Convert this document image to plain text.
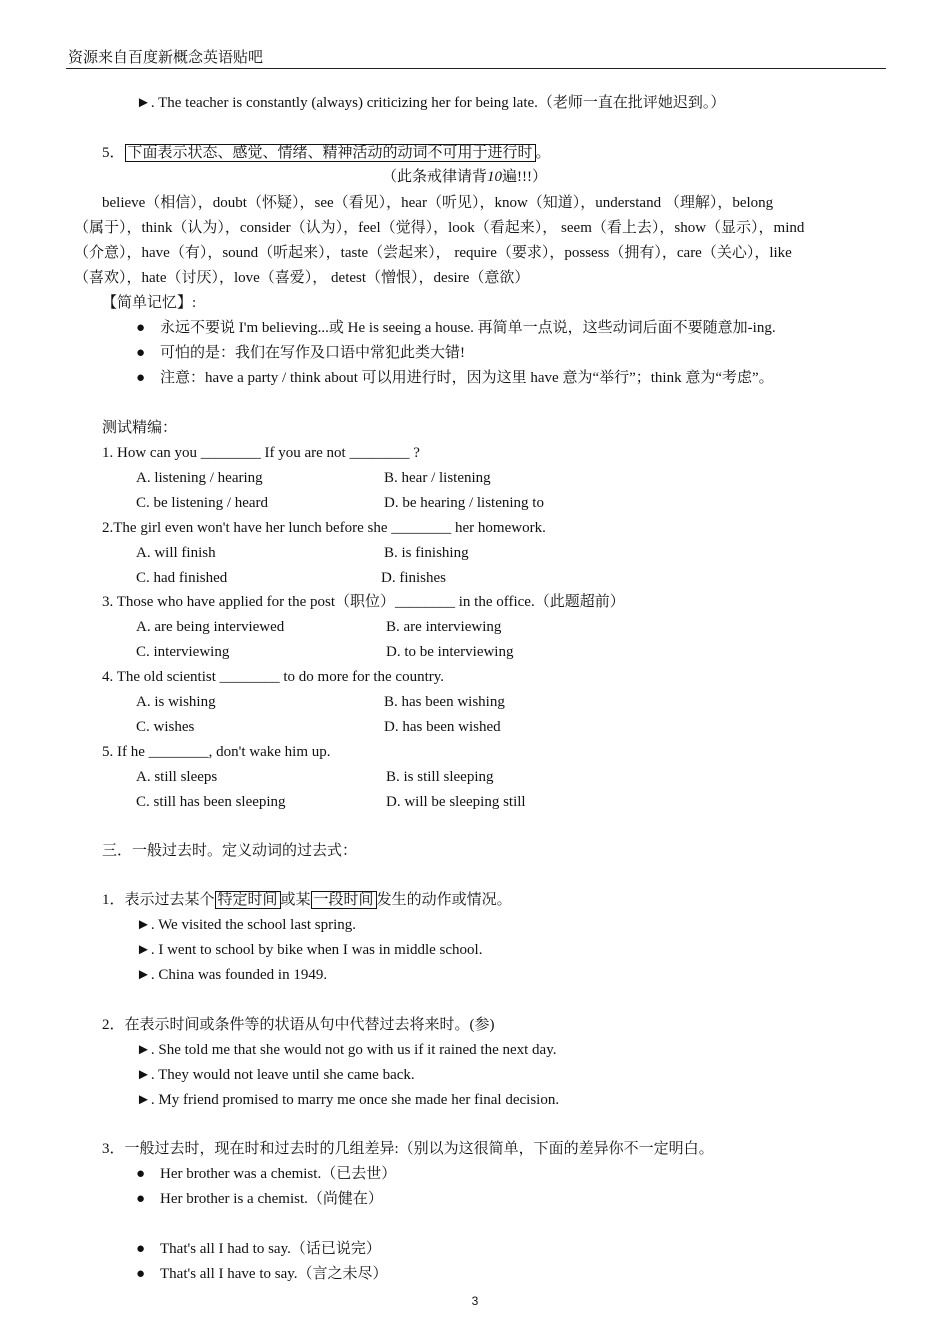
资源来自百度新概念英语贴吧
►. The teacher is constantly (always) criticizing her for being late.（老师一直在批评她迟到。）
5． 下面表示状态、感觉、情绪、精神活动的动词不可用于进行时 。
（此条戒律请背10遍!!!）
believe（相信），doubt（怀疑），see（看见），hear（听见），know（知道），understand （理解），belong
（属于），think（认为），consider（认为），feel（觉得），look（看起来）， seem（看上去），show（显示），mind
（介意），have（有），sound（听起来），taste（尝起来）， require（要求），possess（拥有），care（关心），like
（喜欢），hate（讨厌），love（喜爱）， detest（憎恨），desire（意欲）
【简单记忆】:
● 永远不要说 I'm believing...或 He is seeing a house. 再简单一点说，这些动词后面不要随意加-ing.
● 可怕的是：我们在写作及口语中常犯此类大错!
● 注意：have a party / think about 可以用进行时，因为这里 have 意为“举行”；think 意为“考虑”。
测试精编：
1. How can you ________ If you are not ________ ?
A. listening / hearing	B. hear / listening
C. be listening / heard	D. be hearing / listening to
2.The girl even won't have her lunch before she ________ her homework.
A. will finish	B. is finishing
C. had finished	D. finishes
3. Those who have applied for the post（职位）________ in the office.（此题超前）
A. are being interviewed	B. are interviewing
C. interviewing	D. to be interviewing
4. The old scientist ________ to do more for the country.
A. is wishing	B. has been wishing
C. wishes	D. has been wished
5. If he ________, don't wake him up.
A. still sleeps	B. is still sleeping
C. still has been sleeping	D. will be sleeping still
三．一般过去时。定义动词的过去式：
1．表示过去某个 特定时间 或某 一段时间 发生的动作或情况。
►. We visited the school last spring.
►. I went to school by bike when I was in middle school.
►. China was founded in 1949.
2．在表示时间或条件等的状语从句中代替过去将来时。(参)
►. She told me that she would not go with us if it rained the next day.
►. They would not leave until she came back.
►. My friend promised to marry me once she made her final decision.
3．一般过去时，现在时和过去时的几组差异:（别以为这很简单，下面的差异你不一定明白。
● Her brother was a chemist.（已去世）
● Her brother is a chemist.（尚健在）
● That's all I had to say.（话已说完）
● That's all I have to say.（言之未尽）
3
